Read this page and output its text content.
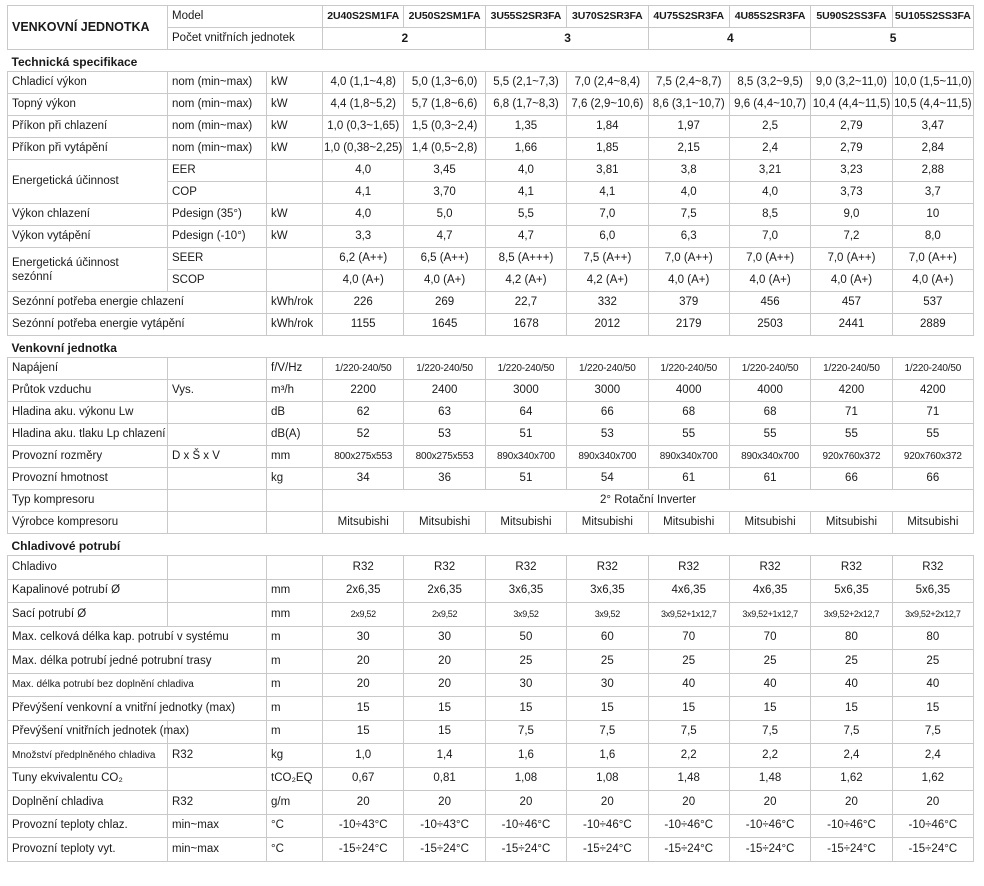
VENKOVNÍ JEDNOTKA	Model		2U40S2SM1FA	2U50S2SM1FA	3U55S2SR3FA	3U70S2SR3FA	4U75S2SR3FA	4U85S2SR3FA	5U90S2SS3FA	5U105S2SS3FA
	Počet vnitřních jednotek		2		3		4		5	
Technická specifikace										
Chladicí výkon	nom (min~max)	kW	4,0 (1,1~4,8)	5,0 (1,3~6,0)	5,5 (2,1~7,3)	7,0 (2,4~8,4)	7,5 (2,4~8,7)	8,5 (3,2~9,5)	9,0 (3,2~11,0)	10,0 (1,5~11,0)
Topný výkon	nom (min~max)	kW	4,4 (1,8~5,2)	5,7 (1,8~6,6)	6,8 (1,7~8,3)	7,6 (2,9~10,6)	8,6 (3,1~10,7)	9,6 (4,4~10,7)	10,4 (4,4~11,5)	10,5 (4,4~11,5)
Příkon při chlazení	nom (min~max)	kW	1,0 (0,3~1,65)	1,5 (0,3~2,4)	1,35	1,84	1,97	2,5	2,79	3,47
Příkon při vytápění	nom (min~max)	kW	1,0 (0,38~2,25)	1,4 (0,5~2,8)	1,66	1,85	2,15	2,4	2,79	2,84
Energetická účinnost	EER		4,0	3,45	4,0	3,81	3,8	3,21	3,23	2,88
	COP		4,1	3,70	4,1	4,1	4,0	4,0	3,73	3,7
Výkon chlazení	Pdesign (35°)	kW	4,0	5,0	5,5	7,0	7,5	8,5	9,0	10
Výkon vytápění	Pdesign (-10°)	kW	3,3	4,7	4,7	6,0	6,3	7,0	7,2	8,0
Energetická účinnost
sezónní	SEER		6,2 (A++)	6,5 (A++)	8,5 (A+++)	7,5 (A++)	7,0 (A++)	7,0 (A++)	7,0 (A++)	7,0 (A++)
	SCOP		4,0 (A+)	4,0 (A+)	4,2 (A+)	4,2 (A+)	4,0 (A+)	4,0 (A+)	4,0 (A+)	4,0 (A+)
Sezónní potřeba energie chlazení		kWh/rok	226	269	22,7	332	379	456	457	537
Sezónní potřeba energie vytápění		kWh/rok	1155	1645	1678	2012	2179	2503	2441	2889
Venkovní jednotka										
Napájení		f/V/Hz	1/220-240/50	1/220-240/50	1/220-240/50	1/220-240/50	1/220-240/50	1/220-240/50	1/220-240/50	1/220-240/50
Průtok vzduchu	Vys.	m³/h	2200	2400	3000	3000	4000	4000	4200	4200
Hladina aku. výkonu Lw		dB	62	63	64	66	68	68	71	71
Hladina aku. tlaku Lp chlazení		dB(A)	52	53	51	53	55	55	55	55
Provozní rozměry	D x Š x V	mm	800x275x553	800x275x553	890x340x700	890x340x700	890x340x700	890x340x700	920x760x372	920x760x372
Provozní hmotnost		kg	34	36	51	54	61	61	66	66
Typ kompresoru			2° Rotační Inverter							
Výrobce kompresoru			Mitsubishi	Mitsubishi	Mitsubishi	Mitsubishi	Mitsubishi	Mitsubishi	Mitsubishi	Mitsubishi
Chladivové potrubí										
Chladivo			R32	R32	R32	R32	R32	R32	R32	R32
Kapalinové potrubí Ø		mm	2x6,35	2x6,35	3x6,35	3x6,35	4x6,35	4x6,35	5x6,35	5x6,35
Sací potrubí Ø		mm	2x9,52	2x9,52	3x9,52	3x9,52	3x9,52+1x12,7	3x9,52+1x12,7	3x9,52+2x12,7	3x9,52+2x12,7
Max. celková délka kap. potrubí v systému		m	30	30	50	60	70	70	80	80
Max. délka potrubí jedné potrubní trasy		m	20	20	25	25	25	25	25	25
Max. délka potrubí bez doplnění chladiva		m	20	20	30	30	40	40	40	40
Převýšení venkovní a vnitřní jednotky (max)		m	15	15	15	15	15	15	15	15
Převýšení vnitřních jednotek (max)		m	15	15	7,5	7,5	7,5	7,5	7,5	7,5
Množství předplněného chladiva	R32	kg	1,0	1,4	1,6	1,6	2,2	2,2	2,4	2,4
Tuny ekvivalentu CO₂		tCO₂EQ	0,67	0,81	1,08	1,08	1,48	1,48	1,62	1,62
Doplnění chladiva	R32	g/m	20	20	20	20	20	20	20	20
Provozní teploty chlaz.	min~max	°C	-10÷43°C	-10÷43°C	-10÷46°C	-10÷46°C	-10÷46°C	-10÷46°C	-10÷46°C	-10÷46°C
Provozní teploty vyt.	min~max	°C	-15÷24°C	-15÷24°C	-15÷24°C	-15÷24°C	-15÷24°C	-15÷24°C	-15÷24°C	-15÷24°C
